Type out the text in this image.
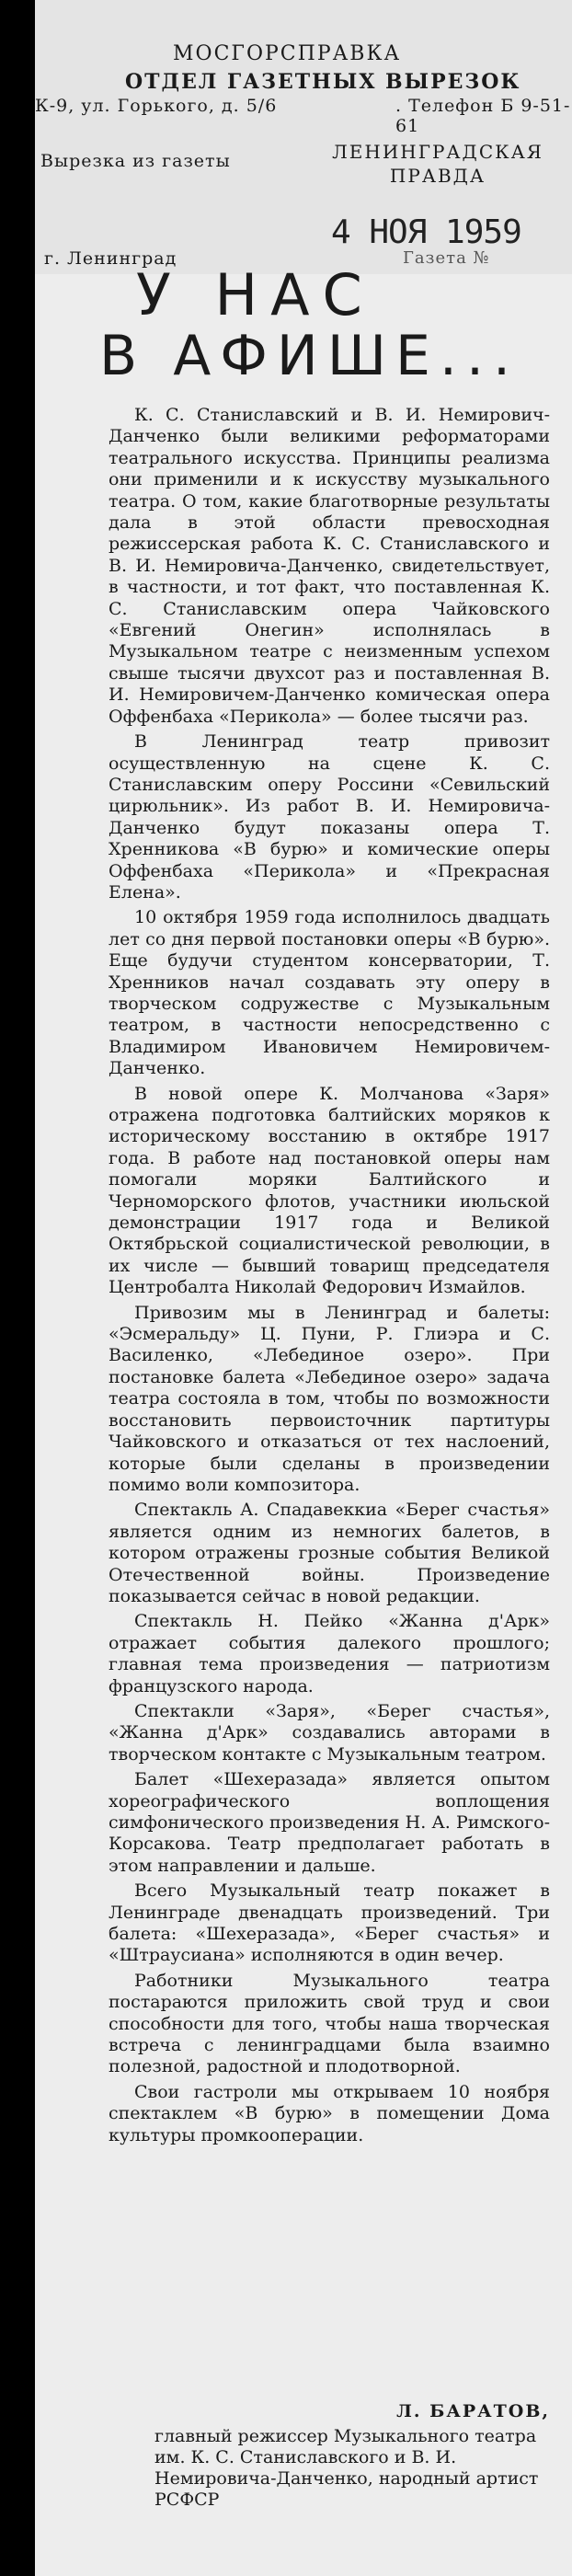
МОСГОРСПРАВКА
ОТДЕЛ ГАЗЕТНЫХ ВЫРЕЗОК
К-9, ул. Горького, д. 5/6	. Телефон Б 9-51-61
Вырезка из газеты	ЛЕНИНГРАДСКАЯ ПРАВДА
4 НОЯ 1959
г. Ленинград	Газета №
У НАС
В АФИШЕ...

К. С. Станиславский и В. И. Немирович-Данченко были великими реформаторами театрального искусства. Принципы реализма они применили и к искусству музыкального театра. О том, какие благотворные результаты дала в этой области превосходная режиссерская работа К. С. Станиславского и В. И. Немировича-Данченко, свидетельствует, в частности, и тот факт, что поставленная К. С. Станиславским опера Чайковского «Евгений Онегин» исполнялась в Музыкальном театре с неизменным успехом свыше тысячи двухсот раз и поставленная В. И. Немировичем-Данченко комическая опера Оффенбаха «Перикола» — более тысячи раз.

В Ленинград театр привозит осуществленную на сцене К. С. Станиславским оперу Россини «Севильский цирюльник». Из работ В. И. Немировича-Данченко будут показаны опера Т. Хренникова «В бурю» и комические оперы Оффенбаха «Перикола» и «Прекрасная Елена».

10 октября 1959 года исполнилось двадцать лет со дня первой постановки оперы «В бурю». Еще будучи студентом консерватории, Т. Хренников начал создавать эту оперу в творческом содружестве с Музыкальным театром, в частности непосредственно с Владимиром Ивановичем Немировичем-Данченко.

В новой опере К. Молчанова «Заря» отражена подготовка балтийских моряков к историческому восстанию в октябре 1917 года. В работе над постановкой оперы нам помогали моряки Балтийского и Черноморского флотов, участники июльской демонстрации 1917 года и Великой Октябрьской социалистической революции, в их числе — бывший товарищ председателя Центробалта Николай Федорович Измайлов.

Привозим мы в Ленинград и балеты: «Эсмеральду» Ц. Пуни, Р. Глиэра и С. Василенко, «Лебединое озеро». При постановке балета «Лебединое озеро» задача театра состояла в том, чтобы по возможности восстановить первоисточник партитуры Чайковского и отказаться от тех наслоений, которые были сделаны в произведении помимо воли композитора.

Спектакль А. Спадавеккиа «Берег счастья» является одним из немногих балетов, в котором отражены грозные события Великой Отечественной войны. Произведение показывается сейчас в новой редакции.

Спектакль Н. Пейко «Жанна д'Арк» отражает события далекого прошлого; главная тема произведения — патриотизм французского народа.

Спектакли «Заря», «Берег счастья», «Жанна д'Арк» создавались авторами в творческом контакте с Музыкальным театром.

Балет «Шехеразада» является опытом хореографического воплощения симфонического произведения Н. А. Римского-Корсакова. Театр предполагает работать в этом направлении и дальше.

Всего Музыкальный театр покажет в Ленинграде двенадцать произведений. Три балета: «Шехеразада», «Берег счастья» и «Штраусиана» исполняются в один вечер.

Работники Музыкального театра постараются приложить свой труд и свои способности для того, чтобы наша творческая встреча с ленинградцами была взаимно полезной, радостной и плодотворной.

Свои гастроли мы открываем 10 ноября спектаклем «В бурю» в помещении Дома культуры промкооперации.

Л. БАРАТОВ,
главный режиссер Музыкального театра им. К. С. Станиславского и В. И. Немировича-Данченко, народный артист РСФСР
